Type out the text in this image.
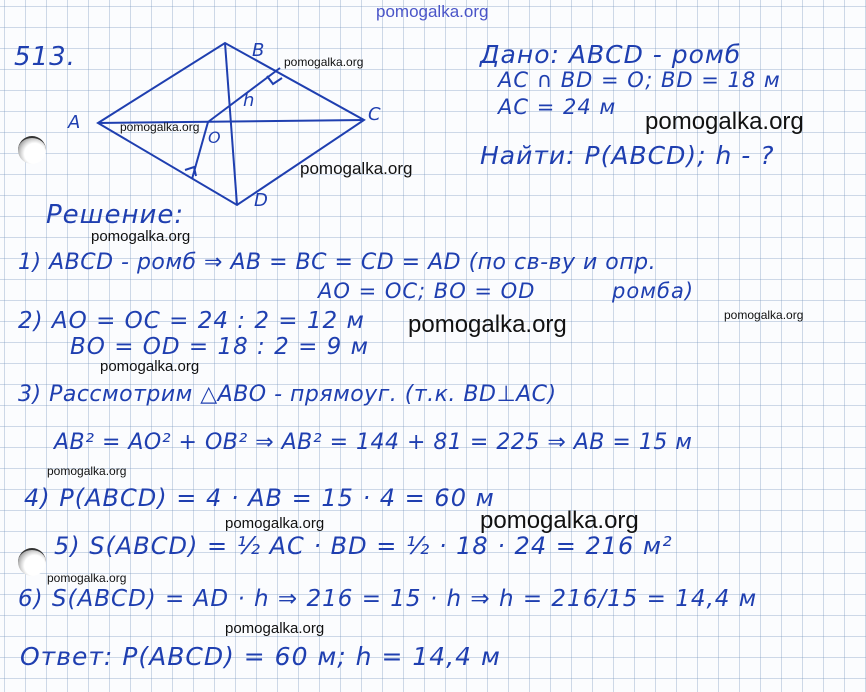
pomogalka.org

513.

A
B
C
D
O
h

Дано: ABCD - ромб

AC ∩ BD = O; BD = 18 м

AC = 24 м

Найти: P(ABCD); h - ?

Решение:

1) ABCD - ромб ⇒ AB = BC = CD = AD (по св-ву и опр.

AO = OC; BO = OD	ромба)

2) AO = OC = 24 : 2 = 12 м

BO = OD = 18 : 2 = 9 м

3) Рассмотрим △ABO - прямоуг. (т.к. BD⊥AC)

AB² = AO² + OB² ⇒ AB² = 144 + 81 = 225 ⇒ AB = 15 м

4) P(ABCD) = 4 · AB = 15 · 4 = 60 м

5) S(ABCD) = ½ AC · BD = ½ · 18 · 24 = 216 м²

6) S(ABCD) = AD · h ⇒ 216 = 15 · h ⇒ h = 216/15 = 14,4 м

Ответ: P(ABCD) = 60 м; h = 14,4 м

pomogalka.org

pomogalka.org	pomogalka.org

pomogalka.org

pomogalka.org

pomogalka.org

pomogalka.org

pomogalka.org

pomogalka.org

pomogalka.org

pomogalka.org

pomogalka.org

pomogalka.org
